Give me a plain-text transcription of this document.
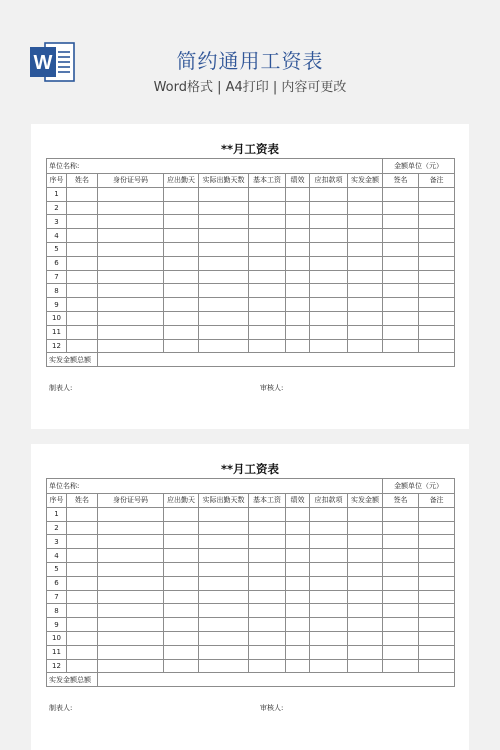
W	简约通用工资表
Word格式 | A4打印 | 内容可更改
**月工资表
单位名称:									金额单位（元）	
序号	姓名	身份证号码	应出勤天	实际出勤天数	基本工资	绩效	应扣款项	实发金额	签名	备注
1										
2										
3										
4										
5										
6										
7										
8										
9										
10										
11										
12										
实发金额总额										
制表人:	审核人:
**月工资表
单位名称:									金额单位（元）	
序号	姓名	身份证号码	应出勤天	实际出勤天数	基本工资	绩效	应扣款项	实发金额	签名	备注
1										
2										
3										
4										
5										
6										
7										
8										
9										
10										
11										
12										
实发金额总额										
制表人:	审核人:
